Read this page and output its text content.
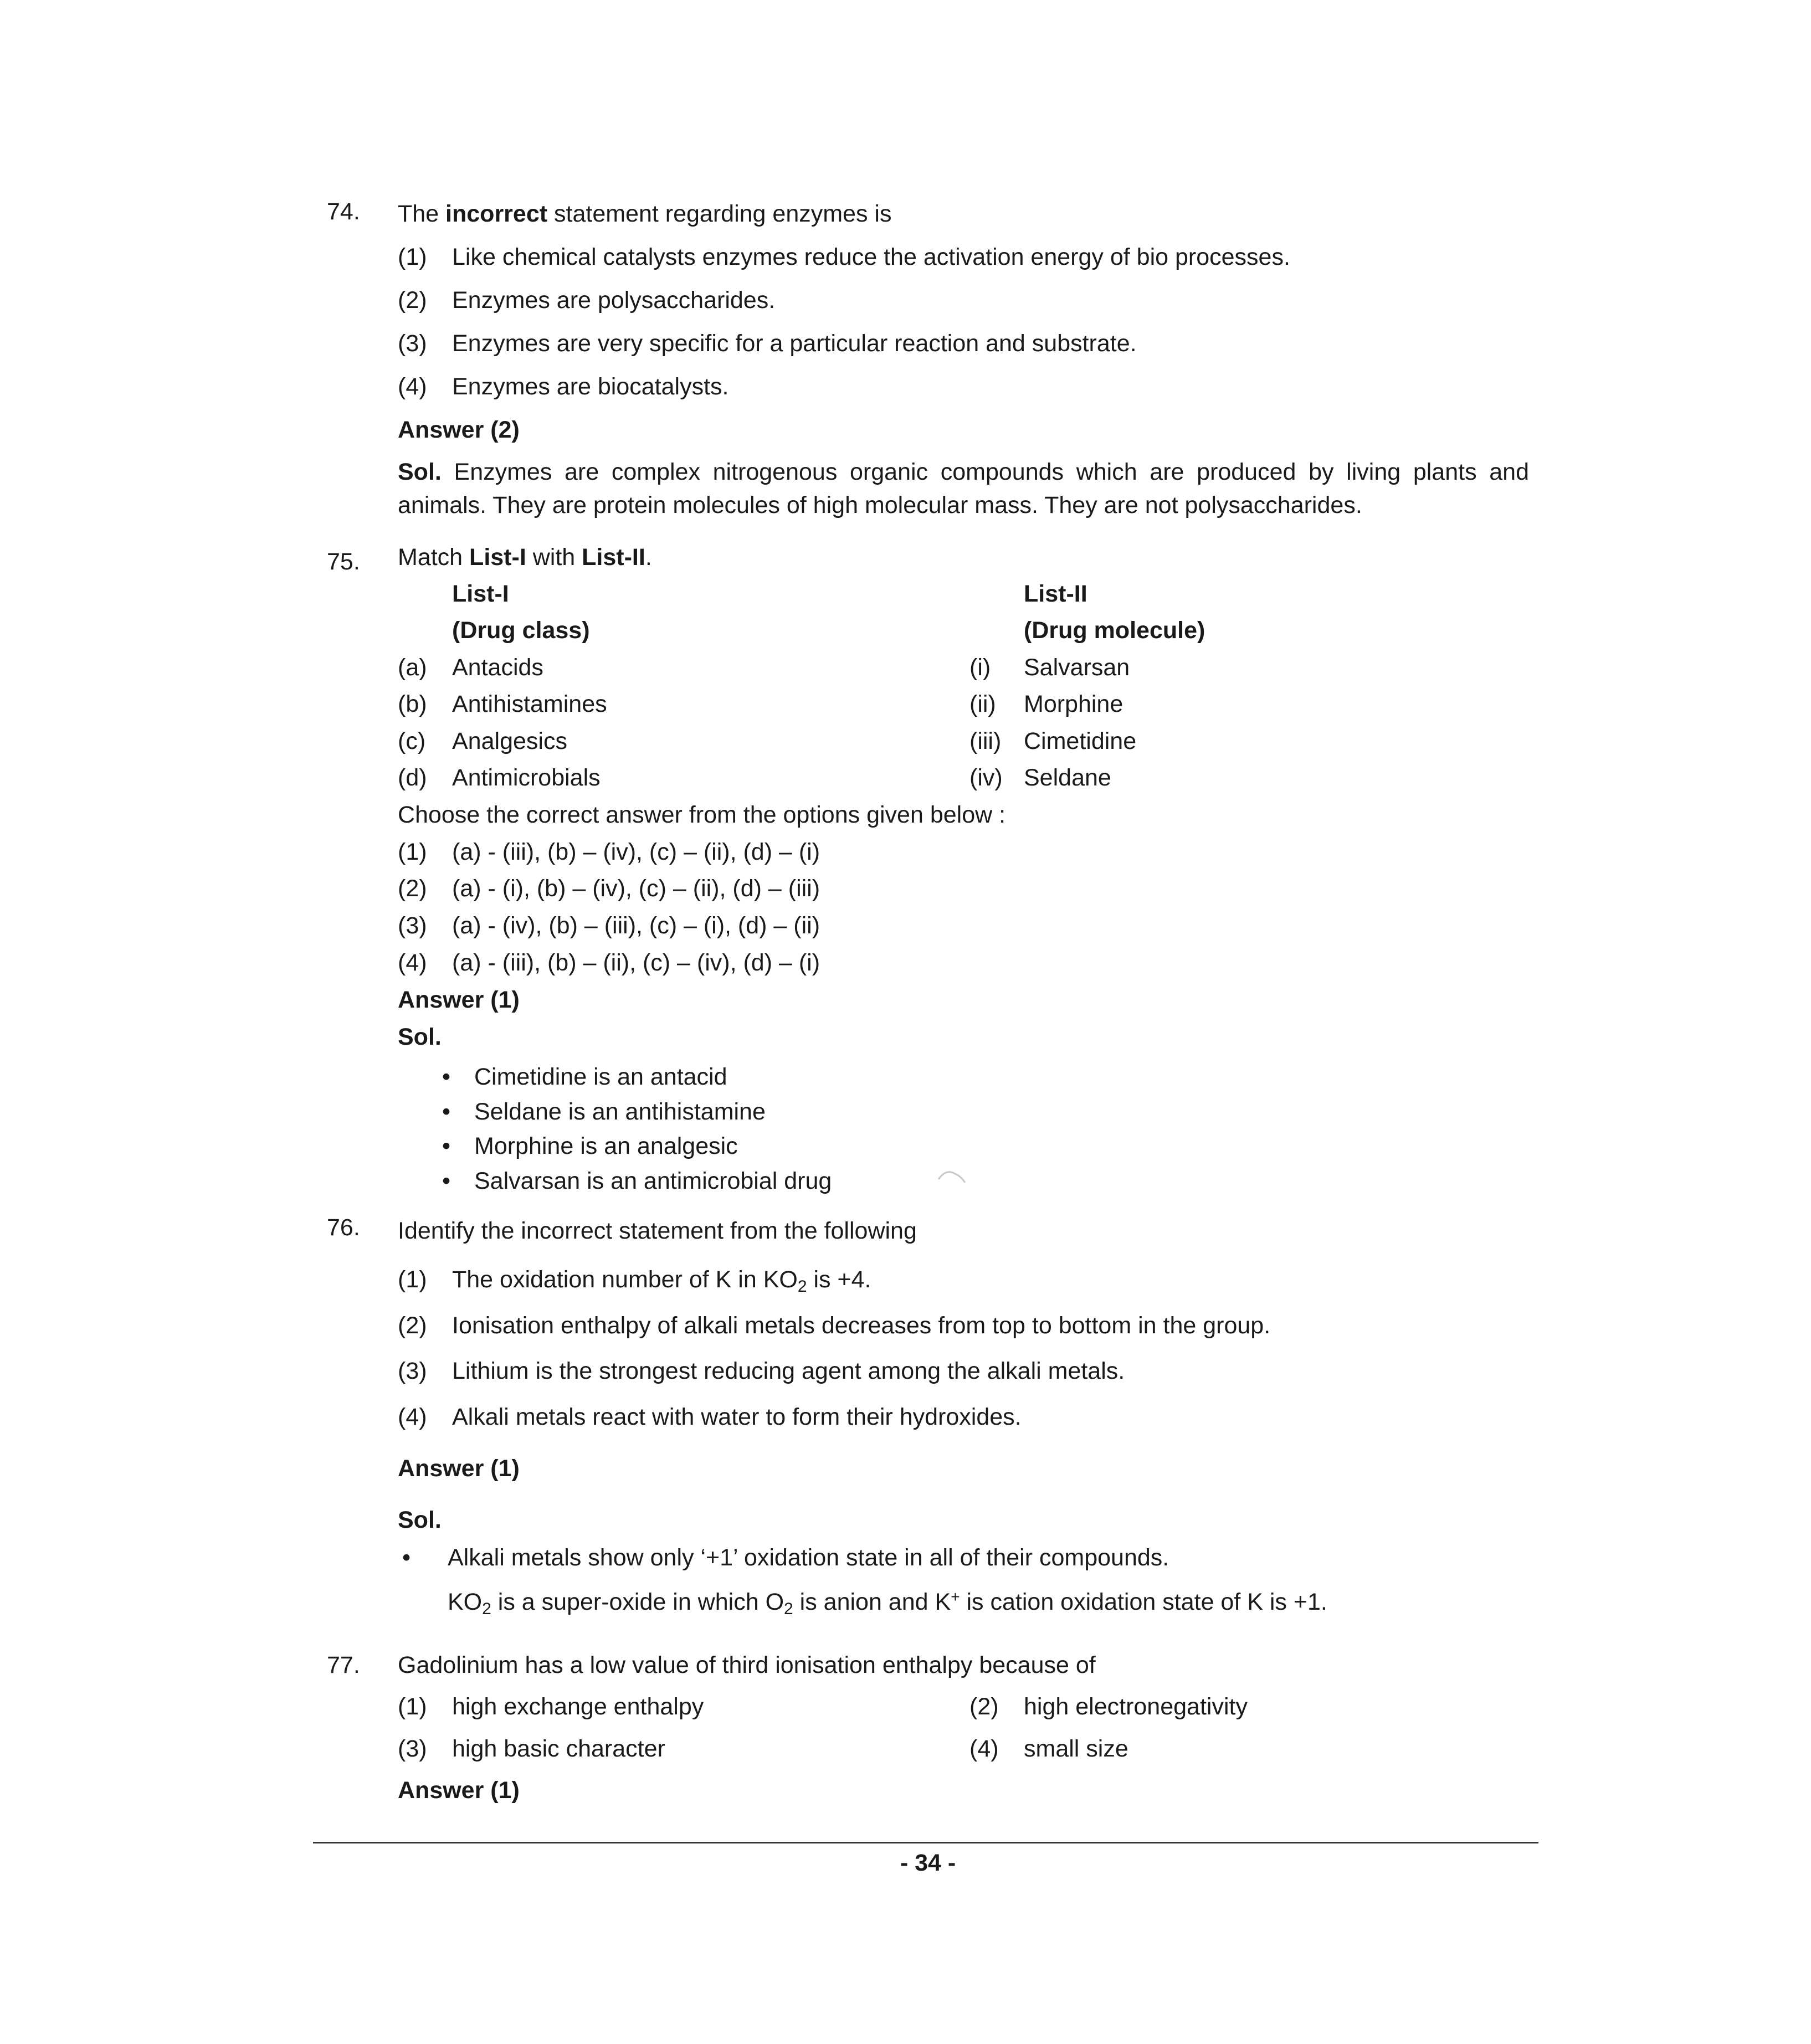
74. The incorrect statement regarding enzymes is
(1) Like chemical catalysts enzymes reduce the activation energy of bio processes.
(2) Enzymes are polysaccharides.
(3) Enzymes are very specific for a particular reaction and substrate.
(4) Enzymes are biocatalysts.
Answer (2)
Sol. Enzymes are complex nitrogenous organic compounds which are produced by living plants and animals. They are protein molecules of high molecular mass. They are not polysaccharides.
75. Match List-I with List-II.
List-I	List-II
(Drug class)	(Drug molecule)
(a) Antacids	(i) Salvarsan
(b) Antihistamines	(ii) Morphine
(c) Analgesics	(iii) Cimetidine
(d) Antimicrobials	(iv) Seldane
Choose the correct answer from the options given below :
(1) (a) - (iii), (b) – (iv), (c) – (ii), (d) – (i)
(2) (a) - (i), (b) – (iv), (c) – (ii), (d) – (iii)
(3) (a) - (iv), (b) – (iii), (c) – (i), (d) – (ii)
(4) (a) - (iii), (b) – (ii), (c) – (iv), (d) – (i)
Answer (1)
Sol.
• Cimetidine is an antacid
• Seldane is an antihistamine
• Morphine is an analgesic
• Salvarsan is an antimicrobial drug
76. Identify the incorrect statement from the following
(1) The oxidation number of K in $KO_2$ is +4.
(2) Ionisation enthalpy of alkali metals decreases from top to bottom in the group.
(3) Lithium is the strongest reducing agent among the alkali metals.
(4) Alkali metals react with water to form their hydroxides.
Answer (1)
Sol.
• Alkali metals show only ‘+1’ oxidation state in all of their compounds.
$KO_2$ is a super-oxide in which $O_2$ is anion and K+ is cation oxidation state of K is +1.
77. Gadolinium has a low value of third ionisation enthalpy because of
(1) high exchange enthalpy	(2) high electronegativity
(3) high basic character	(4) small size
Answer (1)
- 34 -
